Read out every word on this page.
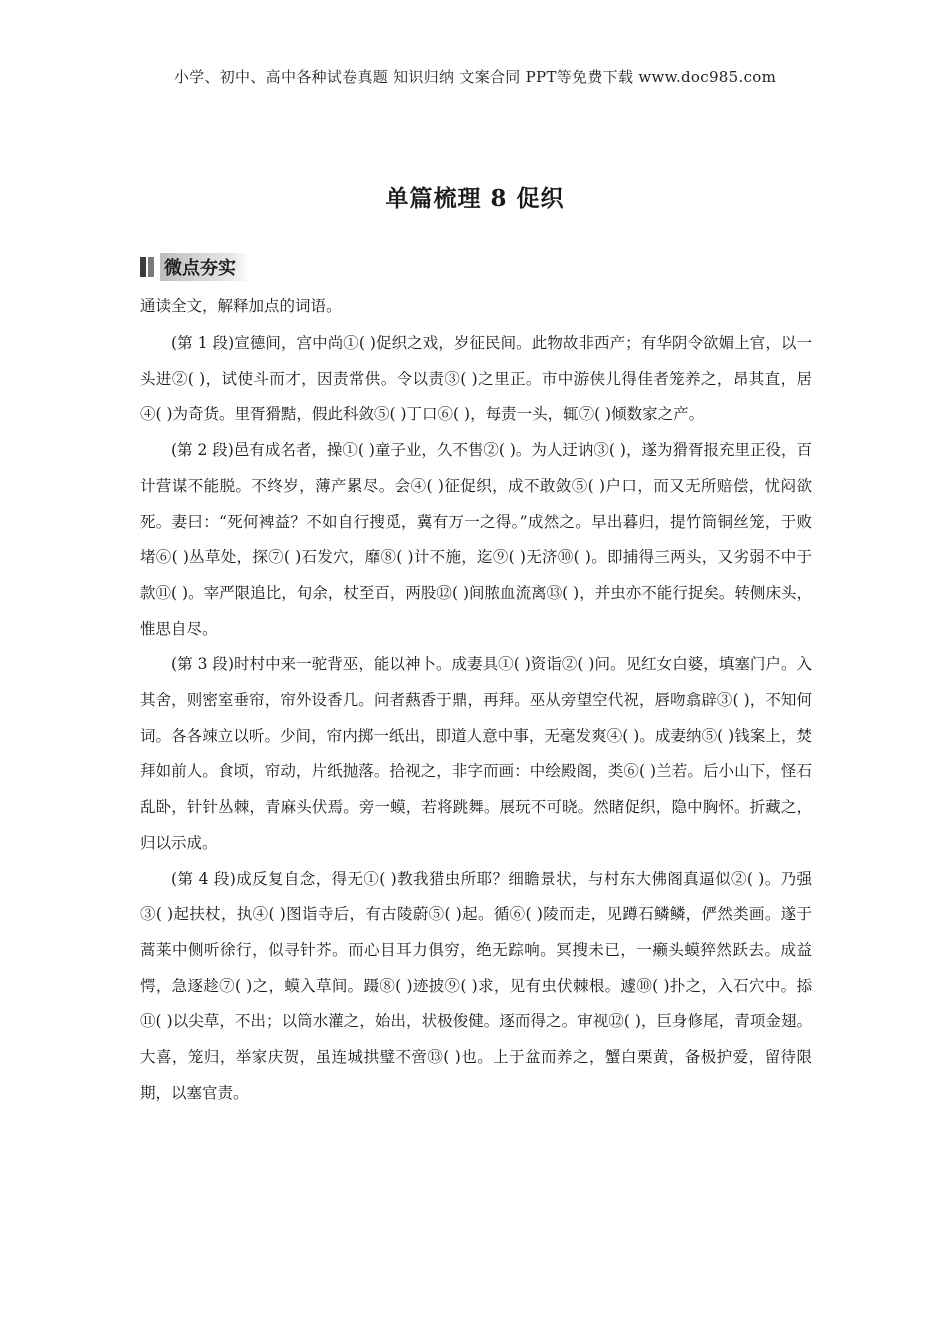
小学、初中、高中各种试卷真题 知识归纳 文案合同 PPT等免费下载 www.doc985.com
单篇梳理 8 促织
微点夯实

通读全文，解释加点的词语。

(第 1 段)宣德间，宫中尚①( )促织之戏，岁征民间。此物故非西产；有华阴令欲媚上官，以一头进②( )，试使斗而才，因责常供。令以责③( )之里正。市中游侠儿得佳者笼养之，昂其直，居④( )为奇货。里胥猾黠，假此科敛⑤( )丁口⑥( )，每责一头，辄⑦( )倾数家之产。

(第 2 段)邑有成名者，操①( )童子业，久不售②( )。为人迂讷③( )，遂为猾胥报充里正役，百计营谋不能脱。不终岁，薄产累尽。会④( )征促织，成不敢敛⑤( )户口，而又无所赔偿，忧闷欲死。妻曰：“死何裨益？不如自行搜觅，冀有万一之得。”成然之。早出暮归，提竹筒铜丝笼，于败堵⑥( )丛草处，探⑦( )石发穴，靡⑧( )计不施，迄⑨( )无济⑩( )。即捕得三两头，又劣弱不中于款⑪( )。宰严限追比，旬余，杖至百，两股⑫( )间脓血流离⑬( )，并虫亦不能行捉矣。转侧床头，惟思自尽。

(第 3 段)时村中来一驼背巫，能以神卜。成妻具①( )资诣②( )问。见红女白婆，填塞门户。入其舍，则密室垂帘，帘外设香几。问者爇香于鼎，再拜。巫从旁望空代祝，唇吻翕辟③( )，不知何词。各各竦立以听。少间，帘内掷一纸出，即道人意中事，无毫发爽④( )。成妻纳⑤( )钱案上，焚拜如前人。食顷，帘动，片纸抛落。拾视之，非字而画：中绘殿阁，类⑥( )兰若。后小山下，怪石乱卧，针针丛棘，青麻头伏焉。旁一蟆，若将跳舞。展玩不可晓。然睹促织，隐中胸怀。折藏之，归以示成。

(第 4 段)成反复自念，得无①( )教我猎虫所耶？细瞻景状，与村东大佛阁真逼似②( )。乃强③( )起扶杖，执④( )图诣寺后，有古陵蔚⑤( )起。循⑥( )陵而走，见蹲石鳞鳞，俨然类画。遂于蒿莱中侧听徐行，似寻针芥。而心目耳力俱穷，绝无踪响。冥搜未已，一癞头蟆猝然跃去。成益愕，急逐趁⑦( )之，蟆入草间。蹑⑧( )迹披⑨( )求，见有虫伏棘根。遽⑩( )扑之，入石穴中。掭⑪( )以尖草，不出；以筒水灌之，始出，状极俊健。逐而得之。审视⑫( )，巨身修尾，青项金翅。大喜，笼归，举家庆贺，虽连城拱璧不啻⑬( )也。上于盆而养之，蟹白栗黄，备极护爱，留待限期，以塞官责。
